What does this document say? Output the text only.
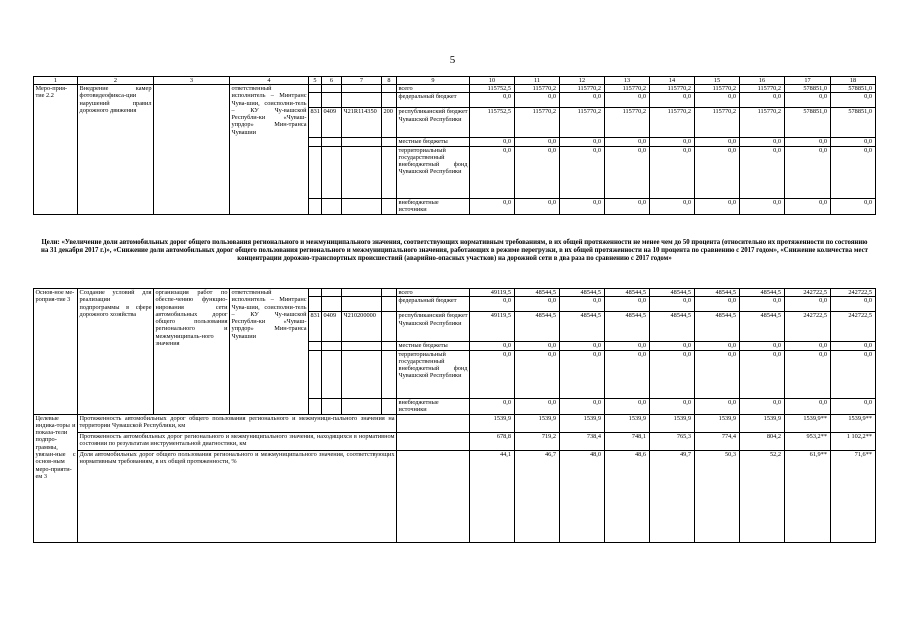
5
1	2	3	4	5	6	7	8	9	10	11	12	13	14	15	16	17	18
Меро-прия-тие 2.2	Внедрение камер фотовидеофикса-ции нарушений правил дорожного движения		ответственный исполнитель – Минтранс Чува-шии, соисполни-тель – КУ Чу-вашской Республи-ки «Чуваш-упрдор» Мин-транса Чувашии					всего	115752,5	115770,2	115770,2	115770,2	115770,2	115770,2	115770,2	578851,0	578851,0
								федеральный бюджет	0,0	0,0	0,0	0,0	0,0	0,0	0,0	0,0	0,0
				831	0409	Ч21R114350	200	республиканский бюджет Чувашской Республики	115752,5	115770,2	115770,2	115770,2	115770,2	115770,2	115770,2	578851,0	578851,0
								местные бюджеты	0,0	0,0	0,0	0,0	0,0	0,0	0,0	0,0	0,0
								территориальный государственный внебюджетный фонд Чувашской Республики	0,0	0,0	0,0	0,0	0,0	0,0	0,0	0,0	0,0
								внебюджетные источники	0,0	0,0	0,0	0,0	0,0	0,0	0,0	0,0	0,0
Цели: «Увеличение доли автомобильных дорог общего пользования регионального и межмуниципального значения, соответствующих нормативным требованиям, в их общей протяженности не менее чем до 50 процента (относительно их протяженности по состоянию на 31 декабря 2017 г.)», «Снижение доли автомобильных дорог общего пользования регионального и межмуниципального значения, работающих в режиме перегрузки, в их общей протяженности на 10 процента по сравнению с 2017 годом», «Снижение количества мест концентрации дорожно-транспортных происшествий (аварийно-опасных участков) на дорожной сети в два раза по сравнению с 2017 годом»
Основ-ное ме-роприя-тие 3	Создание условий для реализации подпрограммы в сфере дорожного хозяйства	организация работ по обеспе-чению функцио-нирования сети автомобильных дорог общего пользования регионального и межмуниципаль-ного значения	ответственный исполнитель – Минтранс Чува-шии, соисполни-тель – КУ Чу-вашской Республи-ки «Чуваш-упрдор» Мин-транса Чувашии					всего	49119,5	48544,5	48544,5	48544,5	48544,5	48544,5	48544,5	242722,5	242722,5
								федеральный бюджет	0,0	0,0	0,0	0,0	0,0	0,0	0,0	0,0	0,0
				831	0409	Ч210200000		республиканский бюджет Чувашской Республики	49119,5	48544,5	48544,5	48544,5	48544,5	48544,5	48544,5	242722,5	242722,5
								местные бюджеты	0,0	0,0	0,0	0,0	0,0	0,0	0,0	0,0	0,0
								территориальный государственный внебюджетный фонд Чувашской Республики	0,0	0,0	0,0	0,0	0,0	0,0	0,0	0,0	0,0
								внебюджетные источники	0,0	0,0	0,0	0,0	0,0	0,0	0,0	0,0	0,0
Целевые индика-торы и показа-тели подпро-граммы, увязан-ные с основ-ным меро-прияти-ем 3	Протяженность автомобильных дорог общего пользования регионального и межмуници-пального значения на территории Чувашской Республики, км								1539,9	1539,9	1539,9	1539,9	1539,9	1539,9	1539,9	1539,9**	1539,9**
	Протяженность автомобильных дорог регионального и межмуниципального значения, находящихся в нормативном состоянии по результатам инструментальной диагностики, км								678,8	719,2	738,4	748,1	765,3	774,4	804,2	953,2**	1 102,2**
	Доля автомобильных дорог общего пользования регионального и межмуниципального значения, соответствующих нормативным требованиям, в их общей протяженности, %								44,1	46,7	48,0	48,6	49,7	50,3	52,2	61,9**	71,6**
